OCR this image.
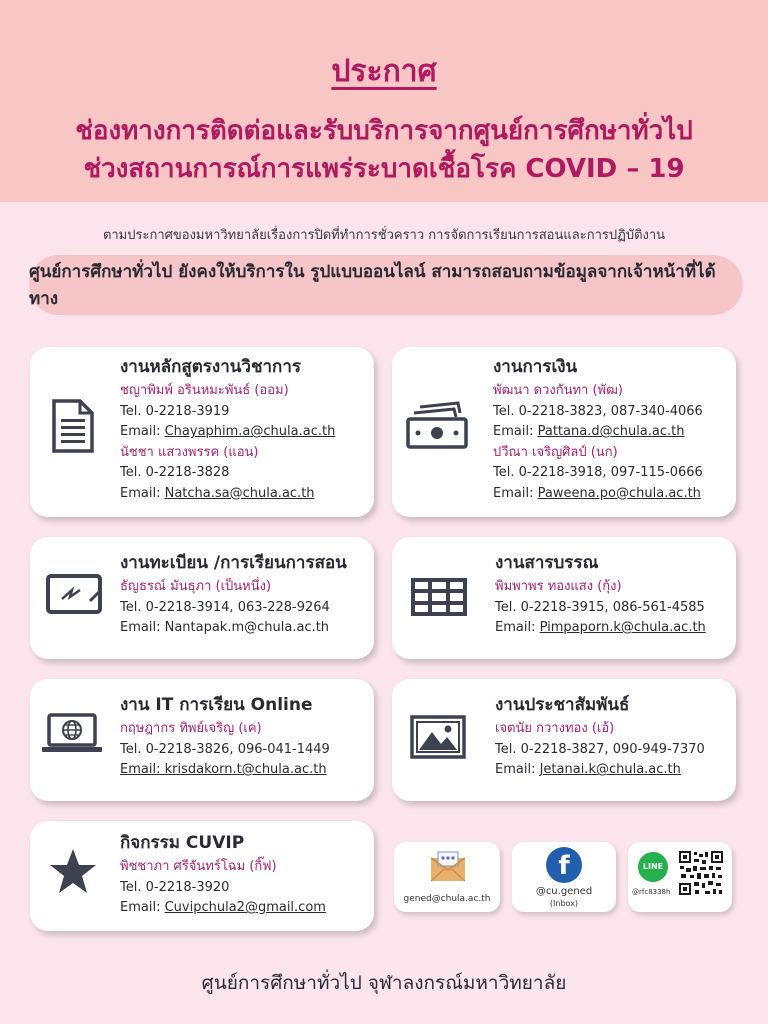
ประกาศ
ช่องทางการติดต่อและรับบริการจากศูนย์การศึกษาทั่วไป
ช่วงสถานการณ์การแพร่ระบาดเชื้อโรค COVID – 19
ตามประกาศของมหาวิทยาลัยเรื่องการปิดที่ทำการชั่วคราว การจัดการเรียนการสอนและการปฏิบัติงาน
ศูนย์การศึกษาทั่วไป ยังคงให้บริการใน รูปแบบออนไลน์ สามารถสอบถามข้อมูลจากเจ้าหน้าที่ได้ทาง
งานหลักสูตรงานวิชาการ
ชญาพิมพ์ อรินหมะพันธ์ (ออม)
Tel. 0-2218-3919
Email: Chayaphim.a@chula.ac.th
นัชชา แสวงพรรค (แอน)
Tel. 0-2218-3828
Email: Natcha.sa@chula.ac.th
งานการเงิน
พัฒนา ดวงกันทา (พัฒ)
Tel. 0-2218-3823, 087-340-4066
Email: Pattana.d@chula.ac.th
ปวีณา เจริญศิลป์ (นก)
Tel. 0-2218-3918, 097-115-0666
Email: Paweena.po@chula.ac.th
งานทะเบียน /การเรียนการสอน
ธัญธรณ์ มันธุภา (เป็นหนึ่ง)
Tel. 0-2218-3914, 063-228-9264
Email: Nantapak.m@chula.ac.th
งานสารบรรณ
พิมพาพร ทองแสง (กุ้ง)
Tel. 0-2218-3915, 086-561-4585
Email: Pimpaporn.k@chula.ac.th
งาน IT การเรียน Online
กฤษฎากร ทิพย์เจริญ (เค)
Tel. 0-2218-3826, 096-041-1449
Email: krisdakorn.t@chula.ac.th
งานประชาสัมพันธ์
เจตนัย กวางทอง (เอ้)
Tel. 0-2218-3827, 090-949-7370
Email: Jetanai.k@chula.ac.th
กิจกรรม CUVIP
พิชชาภา ศรีจันทร์โฉม (กิ๊ฟ)
Tel. 0-2218-3920
Email: Cuvipchula2@gmail.com
gened@chula.ac.th
f
@cu.gened
(Inbox)
LINE
@rfc8338h
ศูนย์การศึกษาทั่วไป จุฬาลงกรณ์มหาวิทยาลัย
